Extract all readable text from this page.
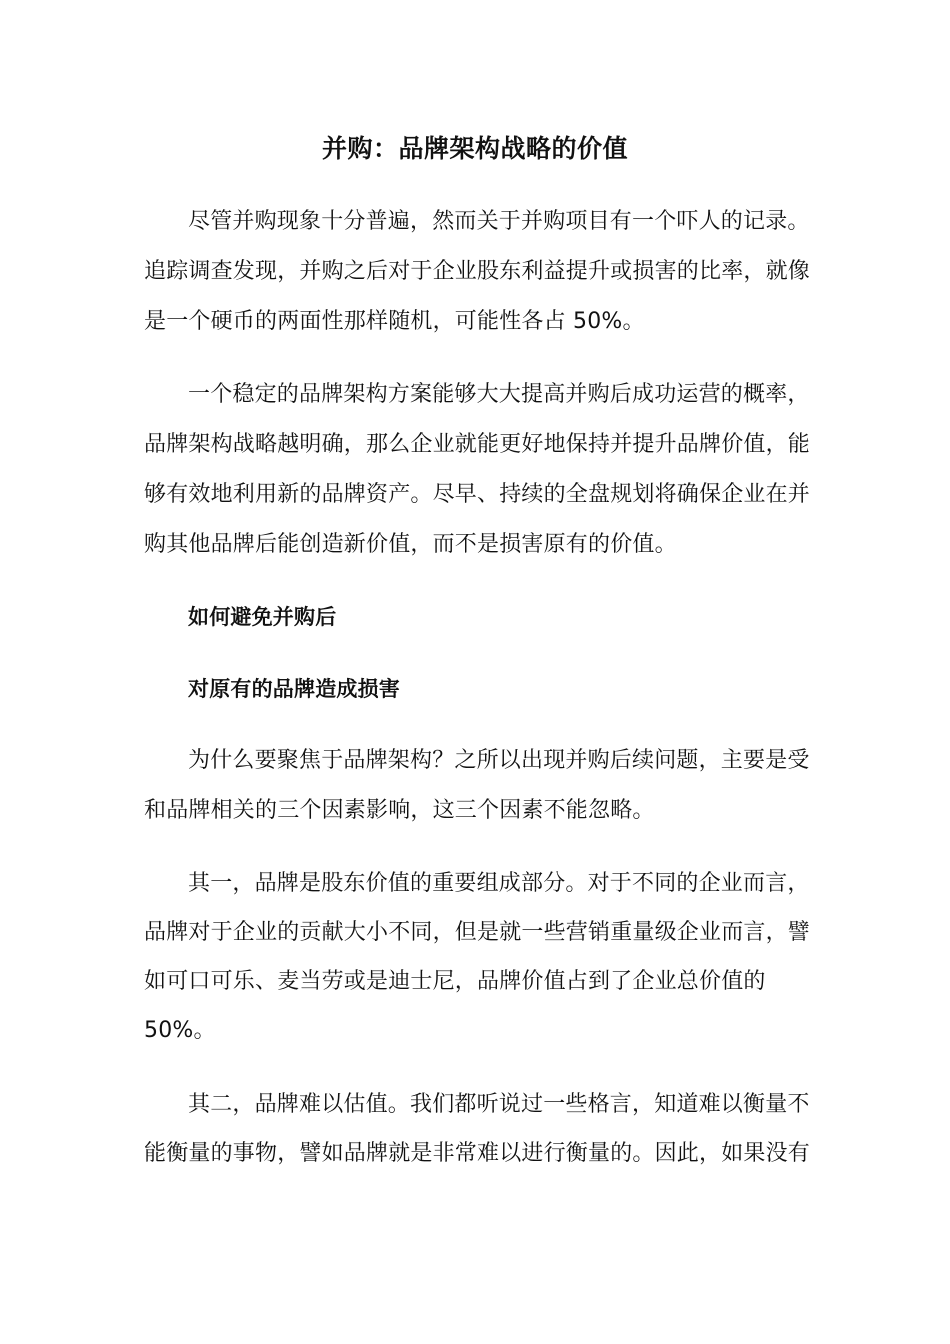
并购：品牌架构战略的价值
尽管并购现象十分普遍，然而关于并购项目有一个吓人的记录。
追踪调查发现，并购之后对于企业股东利益提升或损害的比率，就像
是一个硬币的两面性那样随机，可能性各占 50%。
一个稳定的品牌架构方案能够大大提高并购后成功运营的概率，
品牌架构战略越明确，那么企业就能更好地保持并提升品牌价值，能
够有效地利用新的品牌资产。尽早、持续的全盘规划将确保企业在并
购其他品牌后能创造新价值，而不是损害原有的价值。
如何避免并购后
对原有的品牌造成损害
为什么要聚焦于品牌架构？之所以出现并购后续问题，主要是受
和品牌相关的三个因素影响，这三个因素不能忽略。
其一，品牌是股东价值的重要组成部分。对于不同的企业而言，
品牌对于企业的贡献大小不同，但是就一些营销重量级企业而言，譬
如可口可乐、麦当劳或是迪士尼，品牌价值占到了企业总价值的
50%。
其二，品牌难以估值。我们都听说过一些格言，知道难以衡量不
能衡量的事物，譬如品牌就是非常难以进行衡量的。因此，如果没有
